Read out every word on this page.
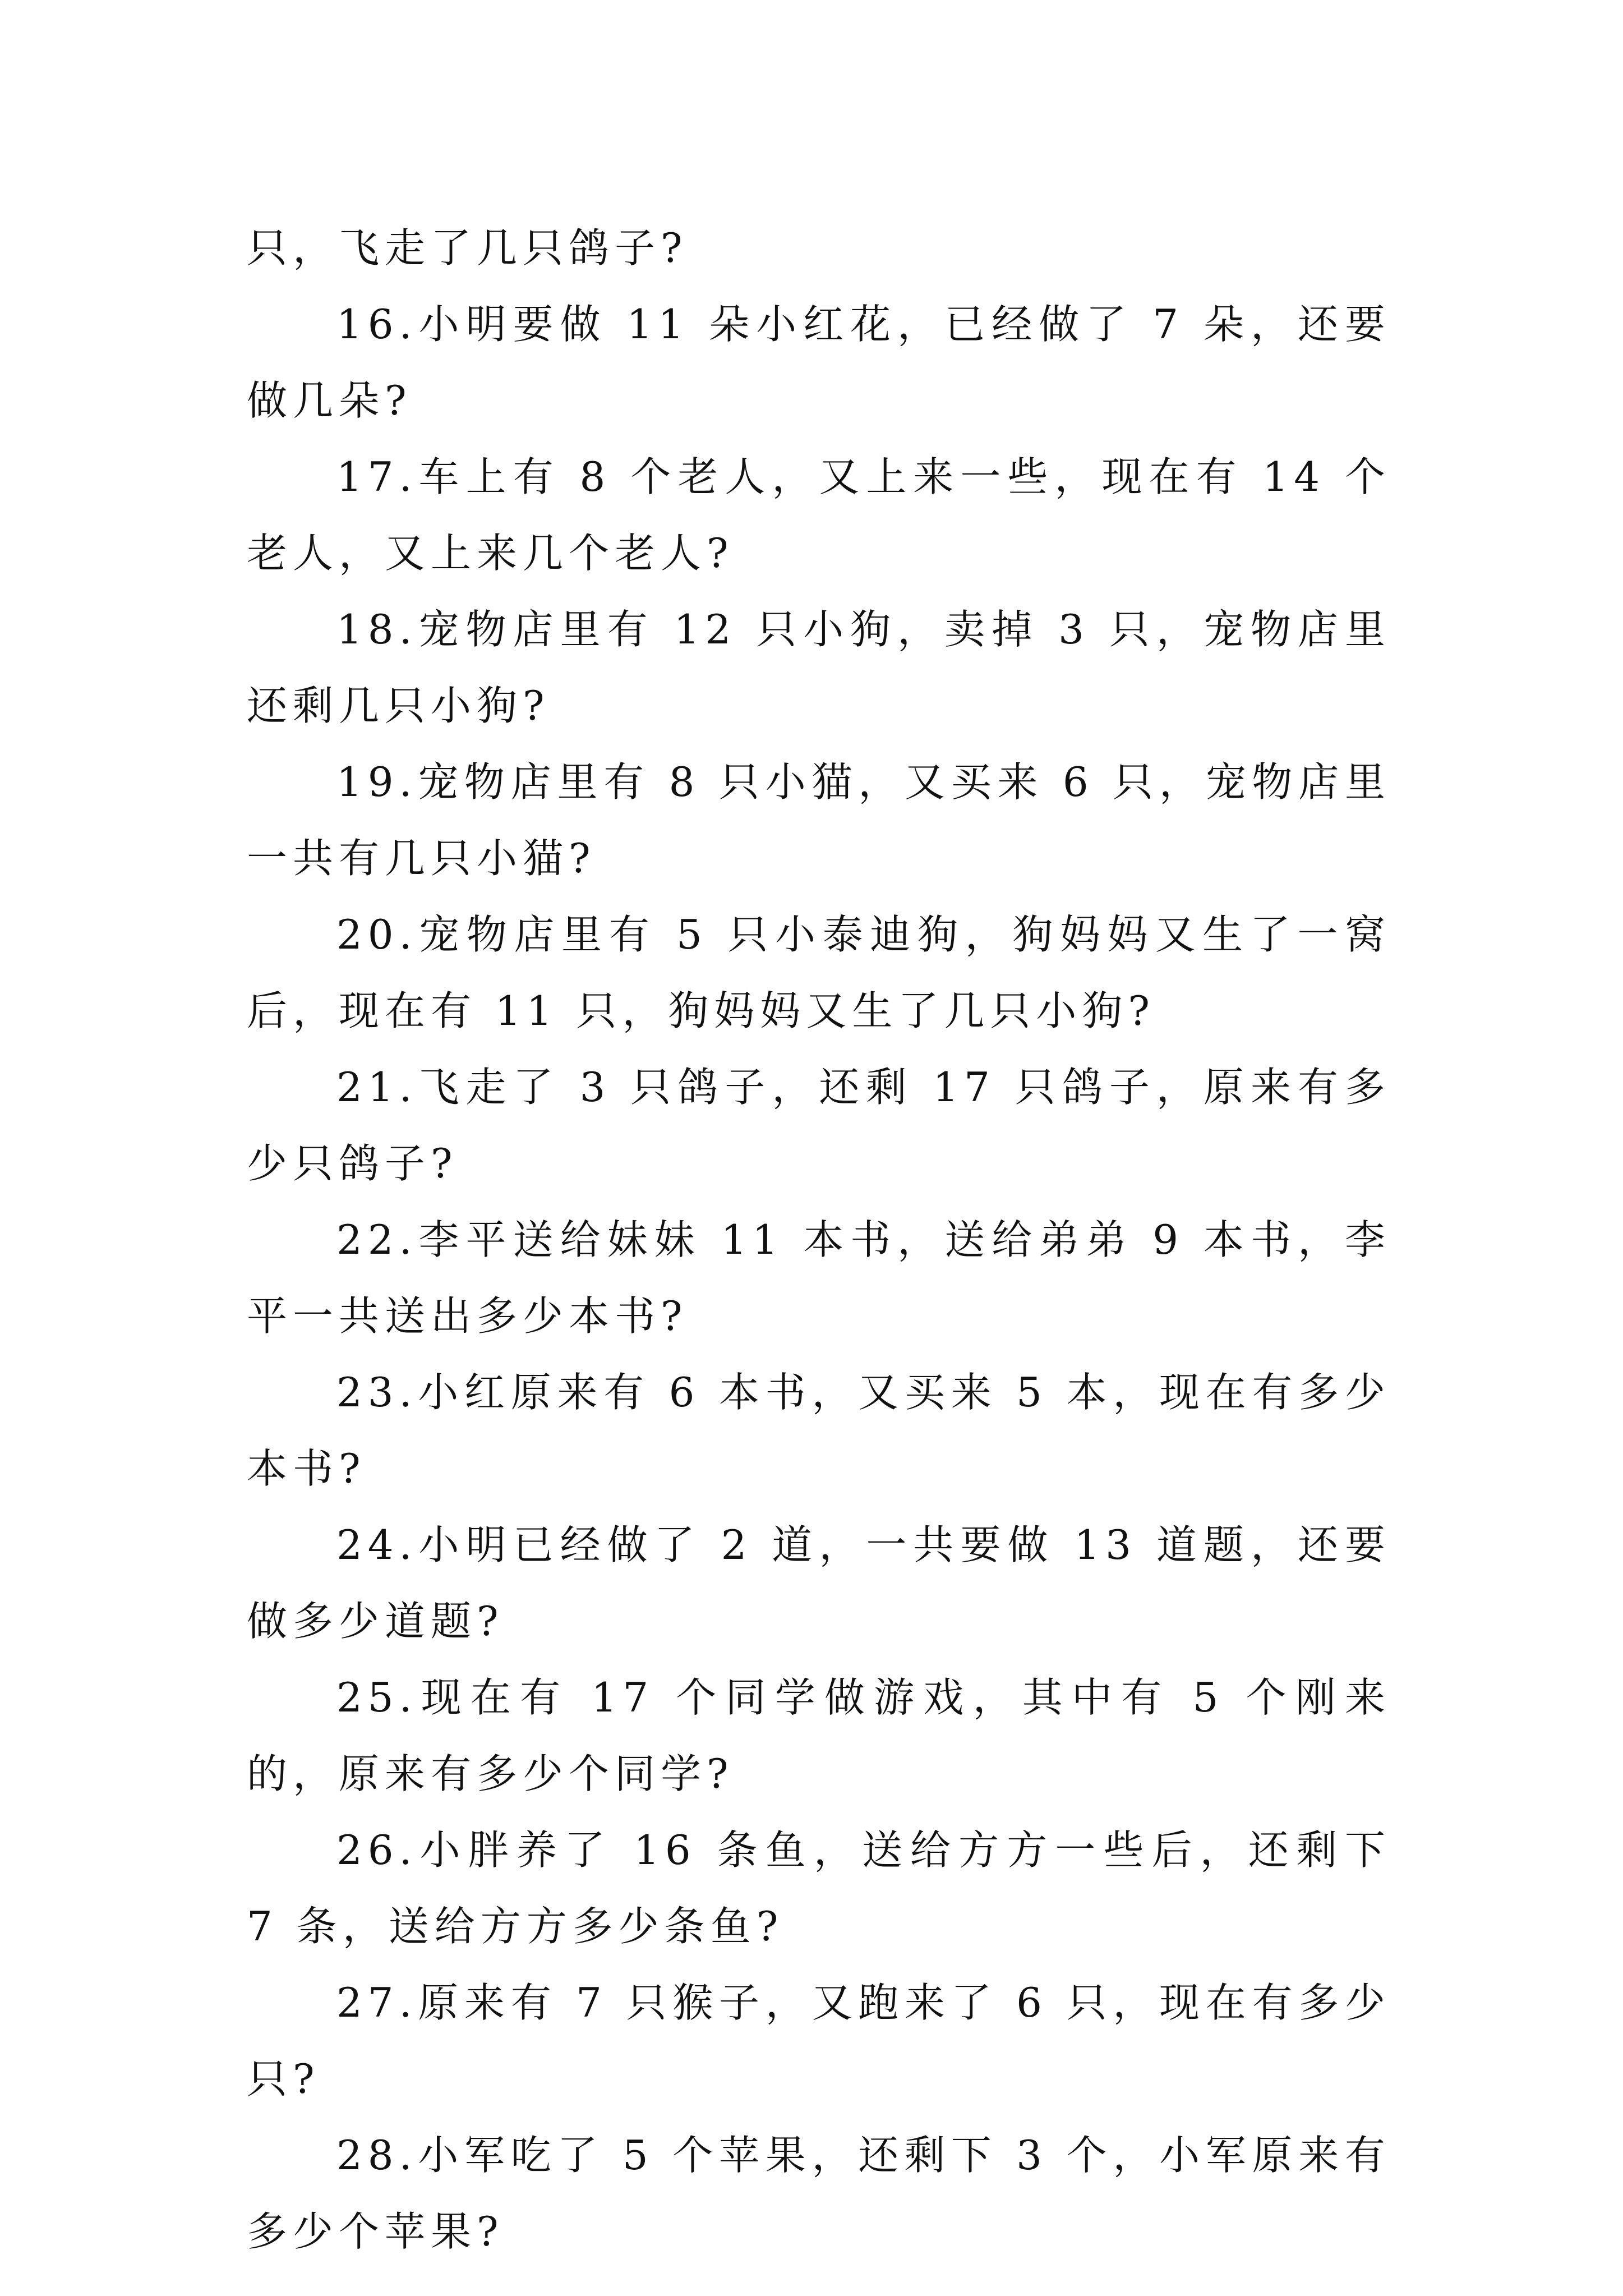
只，飞走了几只鸽子?

16.小明要做 11 朵小红花，已经做了 7 朵，还要做几朵?

17.车上有 8 个老人，又上来一些，现在有 14 个老人，又上来几个老人?

18.宠物店里有 12 只小狗，卖掉 3 只，宠物店里还剩几只小狗?

19.宠物店里有 8 只小猫，又买来 6 只，宠物店里一共有几只小猫?

20.宠物店里有 5 只小泰迪狗，狗妈妈又生了一窝后，现在有 11 只，狗妈妈又生了几只小狗?

21.飞走了 3 只鸽子，还剩 17 只鸽子，原来有多少只鸽子?

22.李平送给妹妹 11 本书，送给弟弟 9 本书，李平一共送出多少本书?

23.小红原来有 6 本书，又买来 5 本，现在有多少本书?

24.小明已经做了 2 道，一共要做 13 道题，还要做多少道题?

25.现在有 17 个同学做游戏，其中有 5 个刚来的，原来有多少个同学?

26.小胖养了 16 条鱼，送给方方一些后，还剩下 7 条，送给方方多少条鱼?

27.原来有 7 只猴子，又跑来了 6 只，现在有多少只?

28.小军吃了 5 个苹果，还剩下 3 个，小军原来有多少个苹果?
